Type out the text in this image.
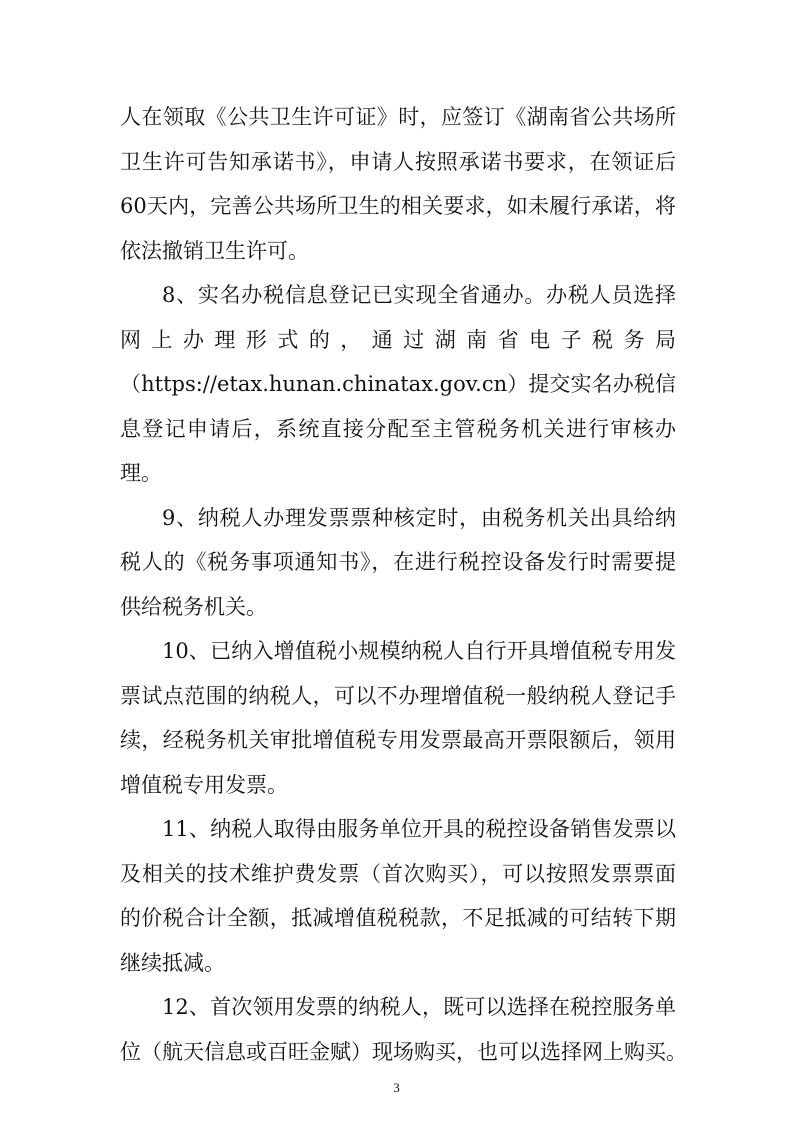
人在领取《公共卫生许可证》时，应签订《湖南省公共场所
卫生许可告知承诺书》，申请人按照承诺书要求，在领证后
60天内，完善公共场所卫生的相关要求，如未履行承诺，将
依法撤销卫生许可。
8、实名办税信息登记已实现全省通办。办税人员选择
网上办理形式的，通过湖南省电子税务局
（https://etax.hunan.chinatax.gov.cn）提交实名办税信
息登记申请后，系统直接分配至主管税务机关进行审核办
理。
9、纳税人办理发票票种核定时，由税务机关出具给纳
税人的《税务事项通知书》，在进行税控设备发行时需要提
供给税务机关。
10、已纳入增值税小规模纳税人自行开具增值税专用发
票试点范围的纳税人，可以不办理增值税一般纳税人登记手
续，经税务机关审批增值税专用发票最高开票限额后，领用
增值税专用发票。
11、纳税人取得由服务单位开具的税控设备销售发票以
及相关的技术维护费发票（首次购买），可以按照发票票面
的价税合计全额，抵减增值税税款，不足抵减的可结转下期
继续抵减。
12、首次领用发票的纳税人，既可以选择在税控服务单
位（航天信息或百旺金赋）现场购买，也可以选择网上购买。
3
